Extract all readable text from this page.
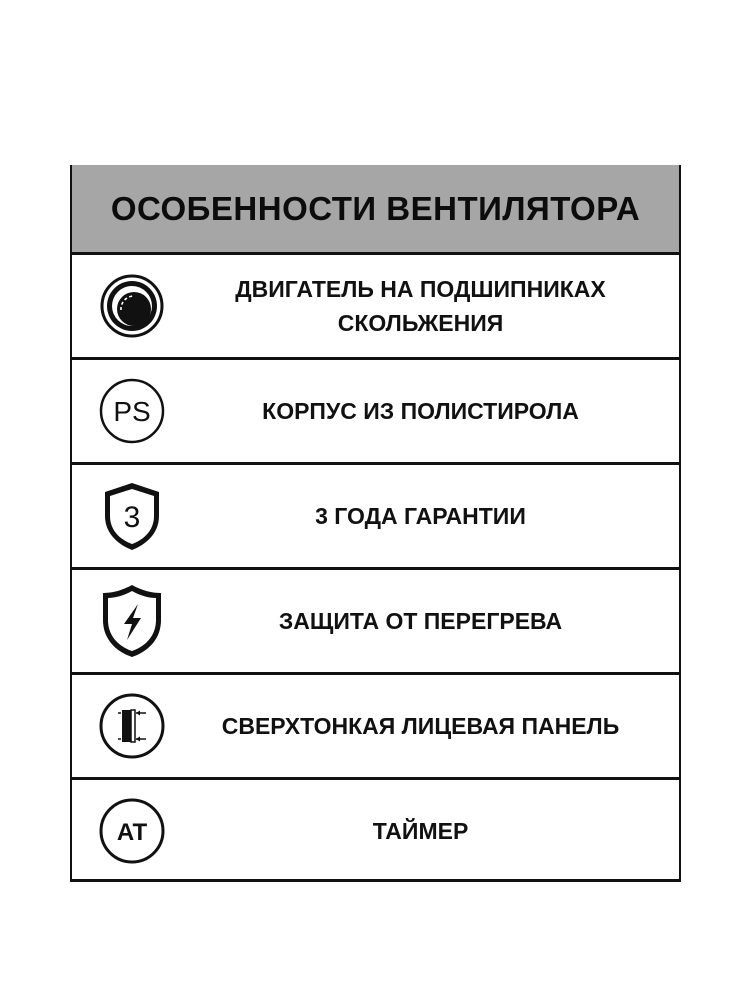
ОСОБЕННОСТИ ВЕНТИЛЯТОРА
ДВИГАТЕЛЬ НА ПОДШИПНИКАХ
СКОЛЬЖЕНИЯ
PS	КОРПУС ИЗ ПОЛИСТИРОЛА
3	3 ГОДА ГАРАНТИИ
ЗАЩИТА ОТ ПЕРЕГРЕВА
СВЕРХТОНКАЯ ЛИЦЕВАЯ ПАНЕЛЬ
AT	ТАЙМЕР
